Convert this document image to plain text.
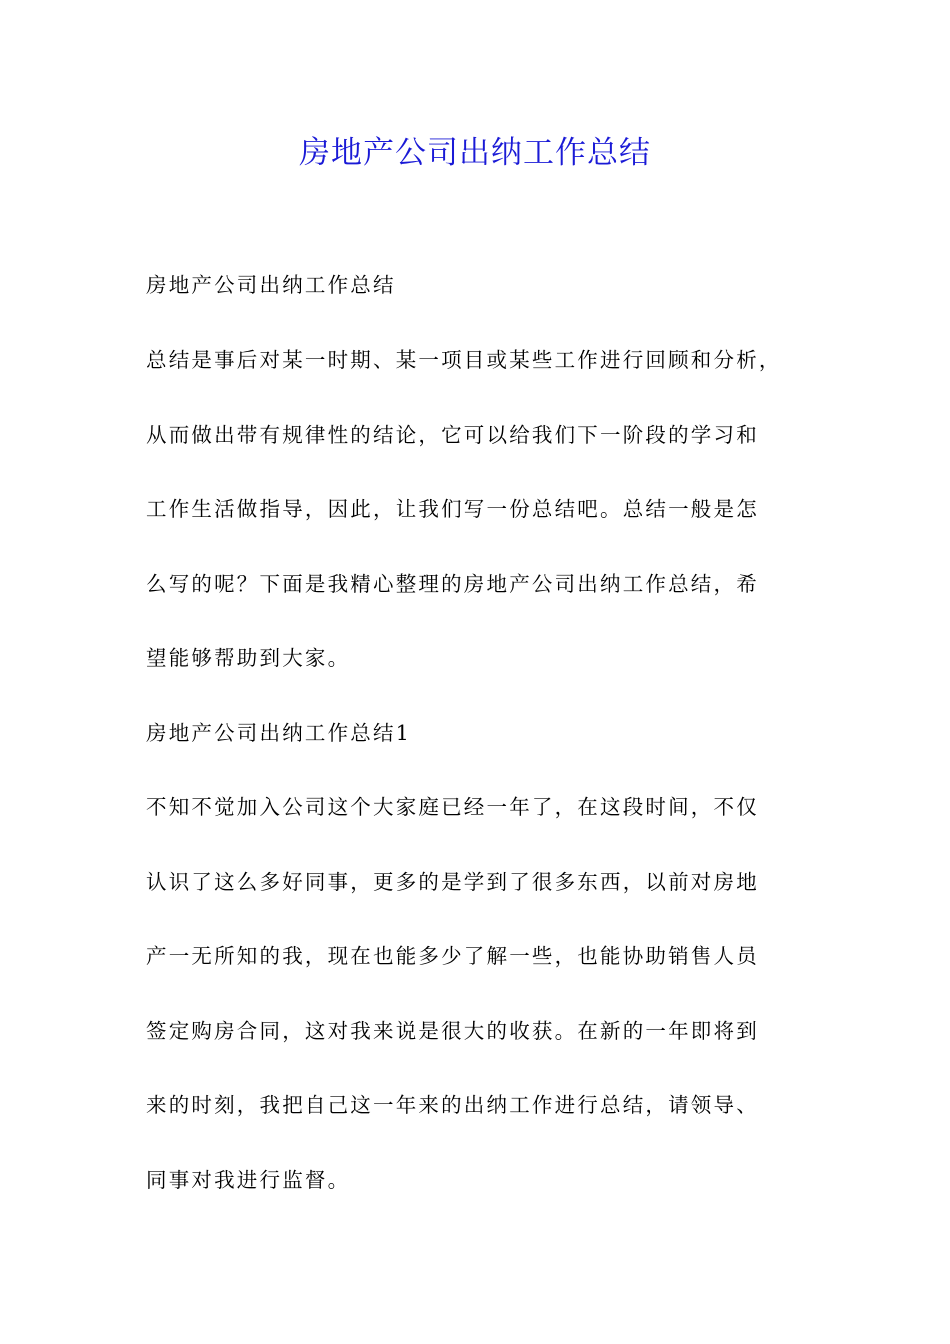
房地产公司出纳工作总结
房地产公司出纳工作总结
总结是事后对某一时期、某一项目或某些工作进行回顾和分析，
从而做出带有规律性的结论，它可以给我们下一阶段的学习和
工作生活做指导，因此，让我们写一份总结吧。总结一般是怎
么写的呢？下面是我精心整理的房地产公司出纳工作总结，希
望能够帮助到大家。
房地产公司出纳工作总结1
不知不觉加入公司这个大家庭已经一年了，在这段时间，不仅
认识了这么多好同事，更多的是学到了很多东西，以前对房地
产一无所知的我，现在也能多少了解一些，也能协助销售人员
签定购房合同，这对我来说是很大的收获。在新的一年即将到
来的时刻，我把自己这一年来的出纳工作进行总结，请领导、
同事对我进行监督。
